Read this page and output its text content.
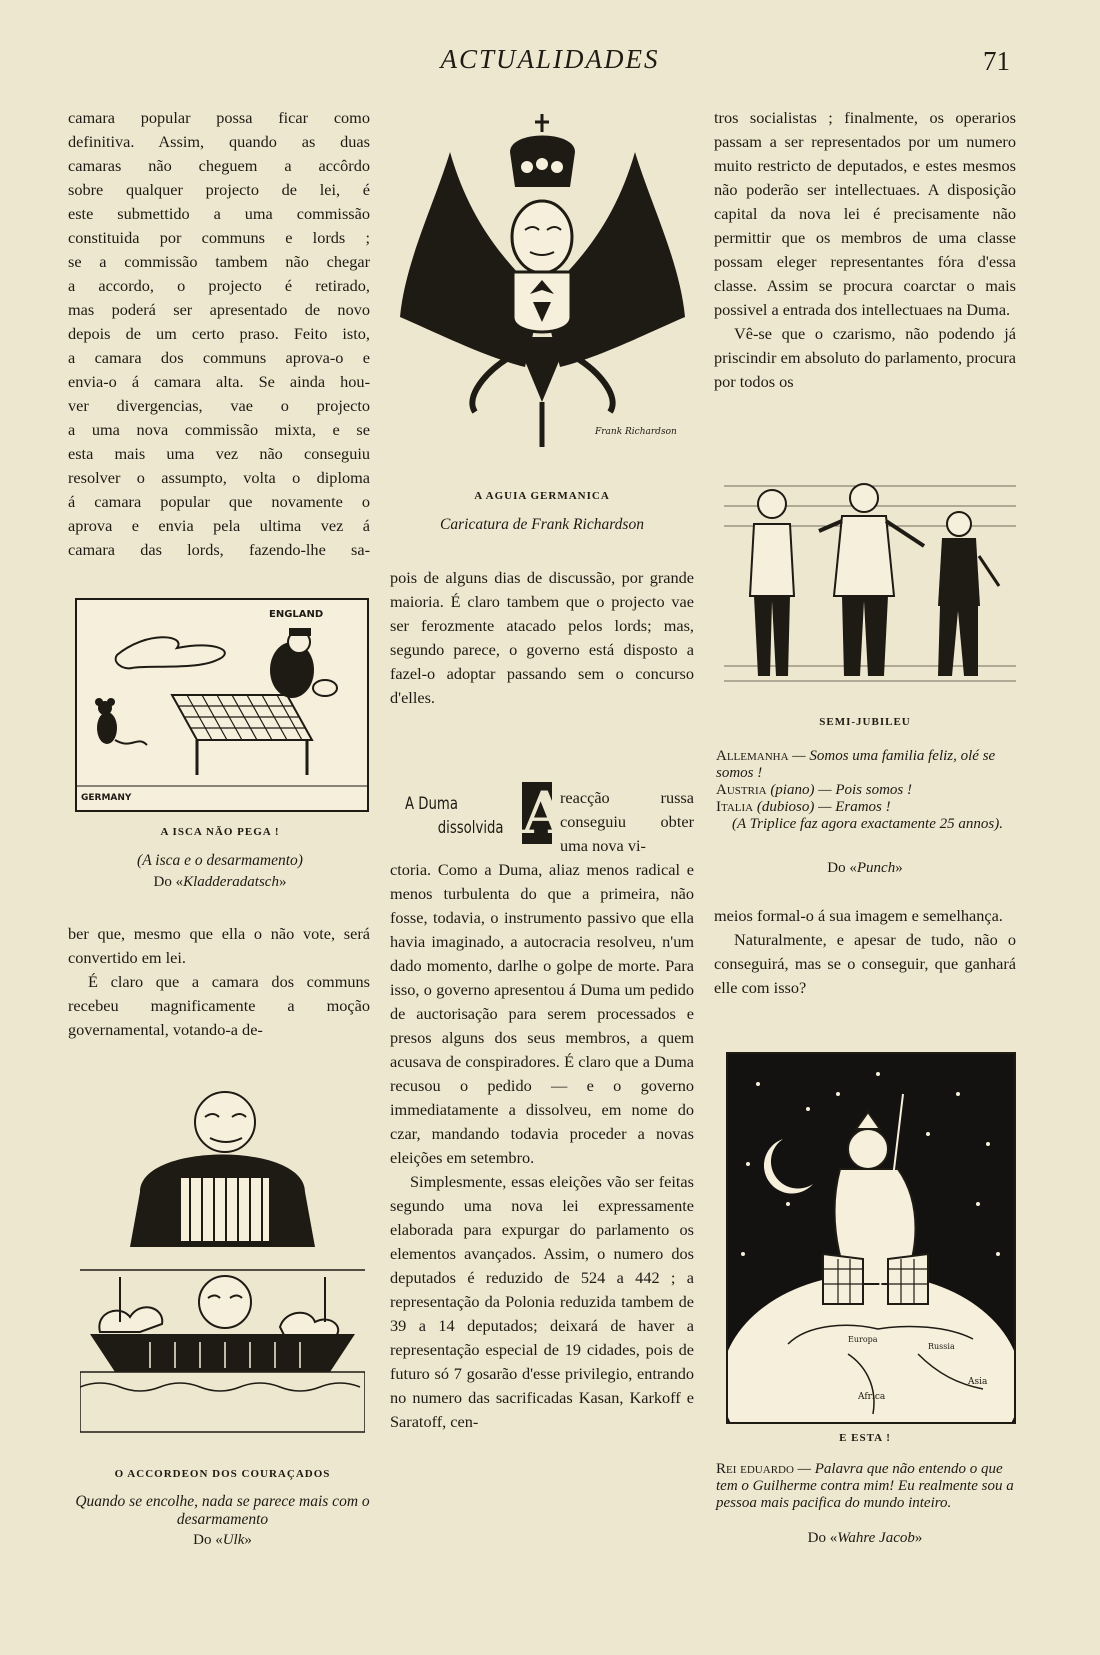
ACTUALIDADES	71
camara popular possa ficar como
definitiva. Assim, quando as duas
camaras não cheguem a accôrdo
sobre qualquer projecto de lei, é
este submettido a uma commissão
constituida por communs e lords ;
se a commissão tambem não chegar
a accordo, o projecto é retirado,
mas poderá ser apresentado de novo
depois de um certo praso. Feito isto,
a camara dos communs aprova-o e
envia-o á camara alta. Se ainda hou-
ver divergencias, vae o projecto
a uma nova commissão mixta, e se
esta mais uma vez não conseguiu
resolver o assumpto, volta o diploma
á camara popular que novamente o
aprova e envia pela ultima vez á
camara das lords, fazendo-lhe sa-
ENGLAND
GERMANY
A ISCA NÃO PEGA !
(A isca e o desarmamento)
Do «Kladderadatsch»

ber que, mesmo que ella o não vote, será convertido em lei.

É claro que a camara dos communs recebeu magnificamente a moção governamental, votando-a de-

O ACCORDEON DOS COURAÇADOS
Quando se encolhe, nada se parece mais com o desarmamento
Do «Ulk»
Frank Richardson
A AGUIA GERMANICA
Caricatura de Frank Richardson

pois de alguns dias de discussão, por grande maioria. É claro tambem que o projecto vae ser ferozmente atacado pelos lords; mas, segundo parece, o governo está disposto a fazel-o adoptar passando sem o concurso d'elles.

A Duma
dissolvida A

reacção russa conseguiu obter uma nova vi-

ctoria. Como a Duma, aliaz menos radical e menos turbulenta do que a primeira, não fosse, todavia, o instrumento passivo que ella havia imaginado, a autocracia resolveu, n'um dado momento, darlhe o golpe de morte. Para isso, o governo apresentou á Duma um pedido de auctorisação para serem processados e presos alguns dos seus membros, a quem acusava de conspiradores. É claro que a Duma recusou o pedido — e o governo immediatamente a dissolveu, em nome do czar, mandando todavia proceder a novas eleições em setembro.

Simplesmente, essas eleições vão ser feitas segundo uma nova lei expressamente elaborada para expurgar do parlamento os elementos avançados. Assim, o numero dos deputados é reduzido de 524 a 442 ; a representação da Polonia reduzida tambem de 39 a 14 deputados; deixará de haver a representação especial de 19 cidades, pois de futuro só 7 gosarão d'esse privilegio, entrando no numero das sacrificadas Kasan, Karkoff e Saratoff, cen-

tros socialistas ; finalmente, os operarios passam a ser representados por um numero muito restricto de deputados, e estes mesmos não poderão ser intellectuaes. A disposição capital da nova lei é precisamente não permittir que os membros de uma classe possam eleger representantes fóra d'essa classe. Assim se procura coarctar o mais possivel a entrada dos intellectuaes na Duma.

Vê-se que o czarismo, não podendo já priscindir em absoluto do parlamento, procura por todos os

SEMI-JUBILEU
Allemanha — Somos uma familia feliz, olé se somos !
Austria (piano) — Pois somos !
Italia (dubioso) — Eramos !
(A Triplice faz agora exactamente 25 annos).
Do «Punch»

meios formal-o á sua imagem e semelhança.

Naturalmente, e apesar de tudo, não o conseguirá, mas se o conseguir, que ganhará elle com isso?

Africa
Asia
Russia
Europa
E ESTA !
Rei eduardo — Palavra que não entendo o que tem o Guilherme contra mim! Eu realmente sou a pessoa mais pacifica do mundo inteiro.
Do «Wahre Jacob»
